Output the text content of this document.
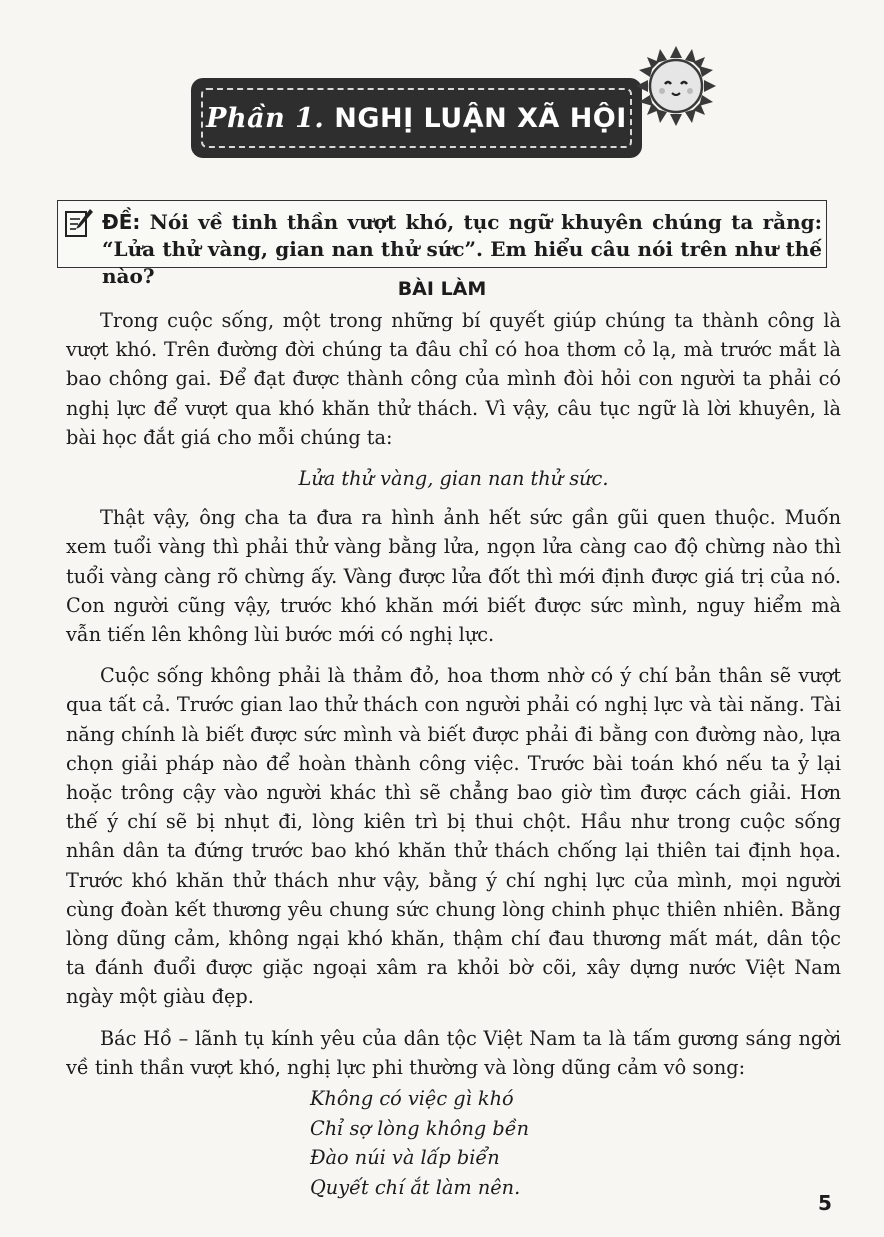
Phần 1. NGHỊ LUẬN XÃ HỘI
ĐỀ: Nói về tinh thần vượt khó, tục ngữ khuyên chúng ta rằng: “Lửa thử vàng, gian nan thử sức”. Em hiểu câu nói trên như thế nào?
BÀI LÀM

Trong cuộc sống, một trong những bí quyết giúp chúng ta thành công là vượt khó. Trên đường đời chúng ta đâu chỉ có hoa thơm cỏ lạ, mà trước mắt là bao chông gai. Để đạt được thành công của mình đòi hỏi con người ta phải có nghị lực để vượt qua khó khăn thử thách. Vì vậy, câu tục ngữ là lời khuyên, là bài học đắt giá cho mỗi chúng ta:

Lửa thử vàng, gian nan thử sức.

Thật vậy, ông cha ta đưa ra hình ảnh hết sức gần gũi quen thuộc. Muốn xem tuổi vàng thì phải thử vàng bằng lửa, ngọn lửa càng cao độ chừng nào thì tuổi vàng càng rõ chừng ấy. Vàng được lửa đốt thì mới định được giá trị của nó. Con người cũng vậy, trước khó khăn mới biết được sức mình, nguy hiểm mà vẫn tiến lên không lùi bước mới có nghị lực.

Cuộc sống không phải là thảm đỏ, hoa thơm nhờ có ý chí bản thân sẽ vượt qua tất cả. Trước gian lao thử thách con người phải có nghị lực và tài năng. Tài năng chính là biết được sức mình và biết được phải đi bằng con đường nào, lựa chọn giải pháp nào để hoàn thành công việc. Trước bài toán khó nếu ta ỷ lại hoặc trông cậy vào người khác thì sẽ chẳng bao giờ tìm được cách giải. Hơn thế ý chí sẽ bị nhụt đi, lòng kiên trì bị thui chột. Hầu như trong cuộc sống nhân dân ta đứng trước bao khó khăn thử thách chống lại thiên tai định họa. Trước khó khăn thử thách như vậy, bằng ý chí nghị lực của mình, mọi người cùng đoàn kết thương yêu chung sức chung lòng chinh phục thiên nhiên. Bằng lòng dũng cảm, không ngại khó khăn, thậm chí đau thương mất mát, dân tộc ta đánh đuổi được giặc ngoại xâm ra khỏi bờ cõi, xây dựng nước Việt Nam ngày một giàu đẹp.

Bác Hồ – lãnh tụ kính yêu của dân tộc Việt Nam ta là tấm gương sáng ngời về tinh thần vượt khó, nghị lực phi thường và lòng dũng cảm vô song:

Không có việc gì khó
Chỉ sợ lòng không bền
Đào núi và lấp biển
Quyết chí ắt làm nên.
5
